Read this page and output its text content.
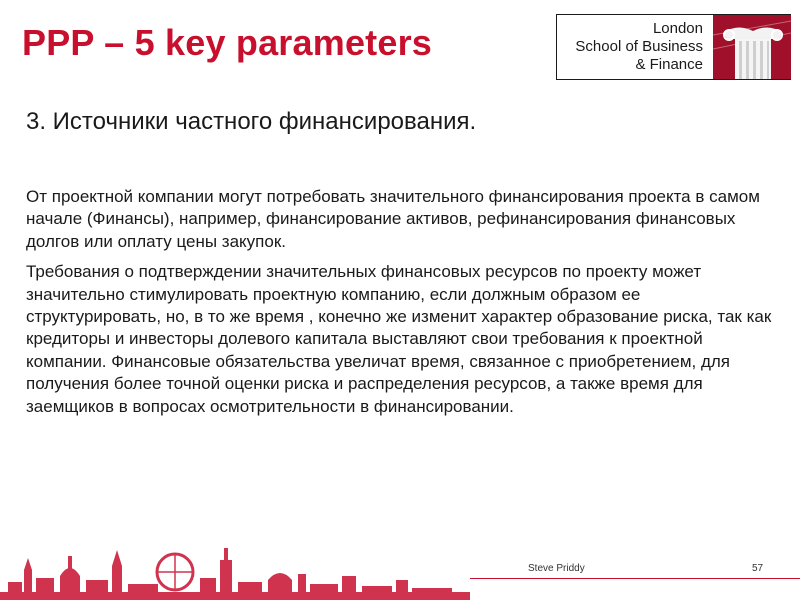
PPP – 5 key parameters	London
School of Business
& Finance
3. Источники частного финансирования.

От проектной компании могут потребовать значительного финансирования проекта в самом начале (Финансы), например, финансирование активов, рефинансирования финансовых долгов или оплату цены закупок.

Требования о подтверждении значительных финансовых ресурсов по проекту может значительно стимулировать проектную компанию, если должным образом ее структурировать, но, в то же время , конечно же изменит характер образование риска, так как кредиторы и инвесторы долевого капитала выставляют свои требования к проектной компании. Финансовые обязательства увеличат время, связанное с приобретением, для получения более точной оценки риска и распределения ресурсов, а также время для заемщиков в вопросах осмотрительности в финансировании.

Steve Priddy	57
